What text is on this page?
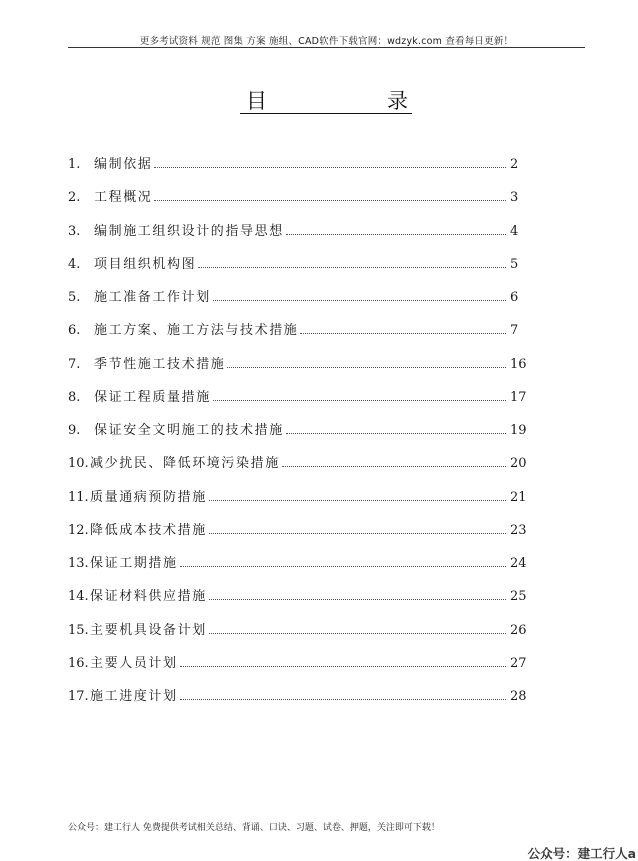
更多考试资料 规范 图集 方案 施组、CAD软件下载官网：wdzyk.com 查看每日更新！
目	录
1. 编制依据	2
2. 工程概况	3
3. 编制施工组织设计的指导思想	4
4. 项目组织机构图	5
5. 施工准备工作计划	6
6. 施工方案、施工方法与技术措施	7
7. 季节性施工技术措施	16
8. 保证工程质量措施	17
9. 保证安全文明施工的技术措施	19
10. 减少扰民、降低环境污染措施	20
11. 质量通病预防措施	21
12. 降低成本技术措施	23
13. 保证工期措施	24
14. 保证材料供应措施	25
15. 主要机具设备计划	26
16. 主要人员计划	27
17. 施工进度计划	28
公众号：建工行人 免费提供考试相关总结、背诵、口诀、习题、试卷、押题，关注即可下载！
公众号：建工行人a
